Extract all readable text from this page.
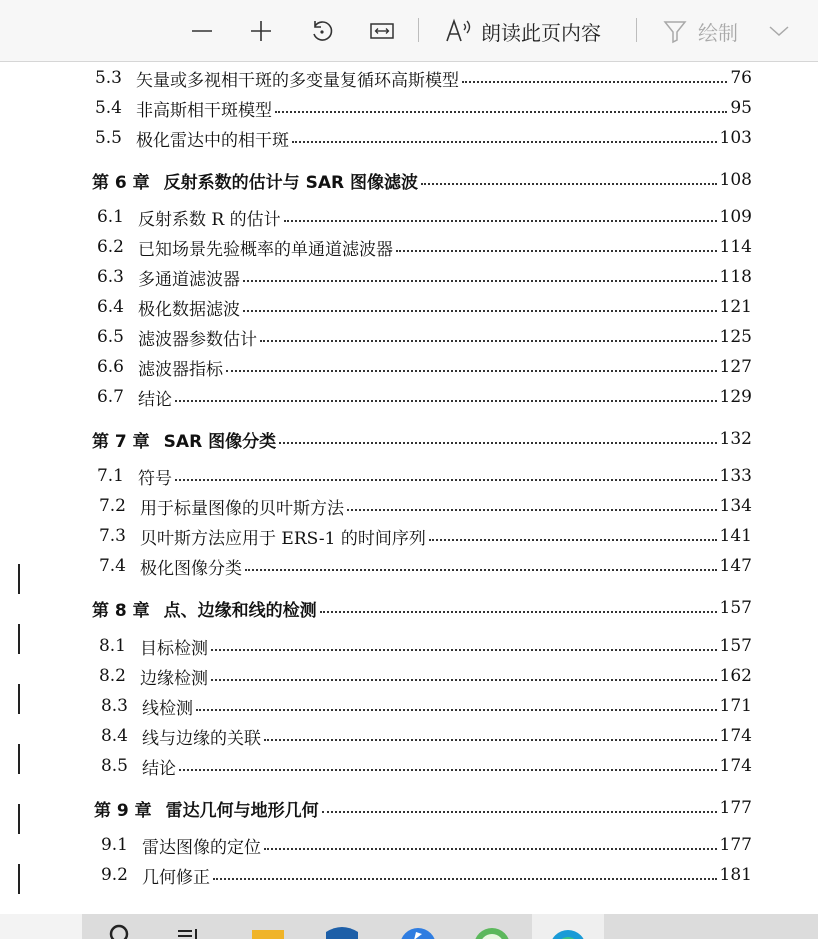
朗读此页内容	绘制
5.3 矢量或多视相干斑的多变量复循环高斯模型	76
5.4 非高斯相干斑模型	95
5.5 极化雷达中的相干斑	103
第 6 章 反射系数的估计与 SAR 图像滤波	108
6.1 反射系数 R 的估计	109
6.2 已知场景先验概率的单通道滤波器	114
6.3 多通道滤波器	118
6.4 极化数据滤波	121
6.5 滤波器参数估计	125
6.6 滤波器指标	127
6.7 结论	129
第 7 章 SAR 图像分类	132
7.1 符号	133
7.2 用于标量图像的贝叶斯方法	134
7.3 贝叶斯方法应用于 ERS-1 的时间序列	141
7.4 极化图像分类	147
第 8 章 点、边缘和线的检测	157
8.1 目标检测	157
8.2 边缘检测	162
8.3 线检测	171
8.4 线与边缘的关联	174
8.5 结论	174
第 9 章 雷达几何与地形几何	177
9.1 雷达图像的定位	177
9.2 几何修正	181
